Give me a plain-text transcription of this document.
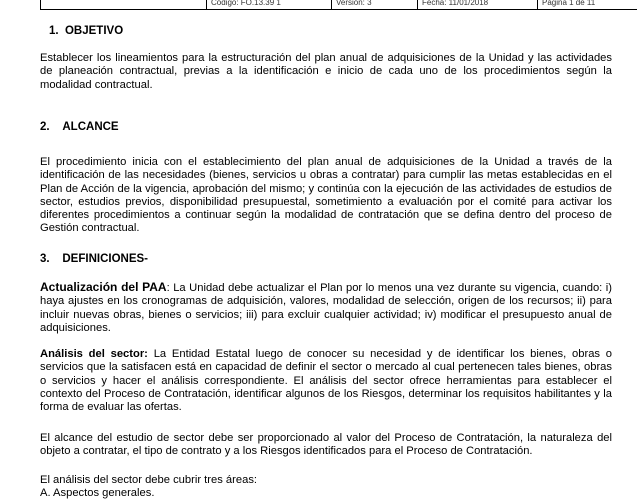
Código: FO.13.39 1	Versión: 3	Fecha: 11/01/2018	Página 1 de 11
1. OBJETIVO

Establecer los lineamientos para la estructuración del plan anual de adquisiciones de la Unidad y las actividades de planeación contractual, previas a la identificación e inicio de cada uno de los procedimientos según la modalidad contractual.

2. ALCANCE

El procedimiento inicia con el establecimiento del plan anual de adquisiciones de la Unidad a través de la identificación de las necesidades (bienes, servicios u obras a contratar) para cumplir las metas establecidas en el Plan de Acción de la vigencia, aprobación del mismo; y continúa con la ejecución de las actividades de estudios de sector, estudios previos, disponibilidad presupuestal, sometimiento a evaluación por el comité para activar los diferentes procedimientos a continuar según la modalidad de contratación que se defina dentro del proceso de Gestión contractual.

3. DEFINICIONES-

Actualización del PAA: La Unidad debe actualizar el Plan por lo menos una vez durante su vigencia, cuando: i) haya ajustes en los cronogramas de adquisición, valores, modalidad de selección, origen de los recursos; ii) para incluir nuevas obras, bienes o servicios; iii) para excluir cualquier actividad; iv) modificar el presupuesto anual de adquisiciones.

Análisis del sector: La Entidad Estatal luego de conocer su necesidad y de identificar los bienes, obras o servicios que la satisfacen está en capacidad de definir el sector o mercado al cual pertenecen tales bienes, obras o servicios y hacer el análisis correspondiente. El análisis del sector ofrece herramientas para establecer el contexto del Proceso de Contratación, identificar algunos de los Riesgos, determinar los requisitos habilitantes y la forma de evaluar las ofertas.

El alcance del estudio de sector debe ser proporcionado al valor del Proceso de Contratación, la naturaleza del objeto a contratar, el tipo de contrato y a los Riesgos identificados para el Proceso de Contratación.

El análisis del sector debe cubrir tres áreas:
A. Aspectos generales.
